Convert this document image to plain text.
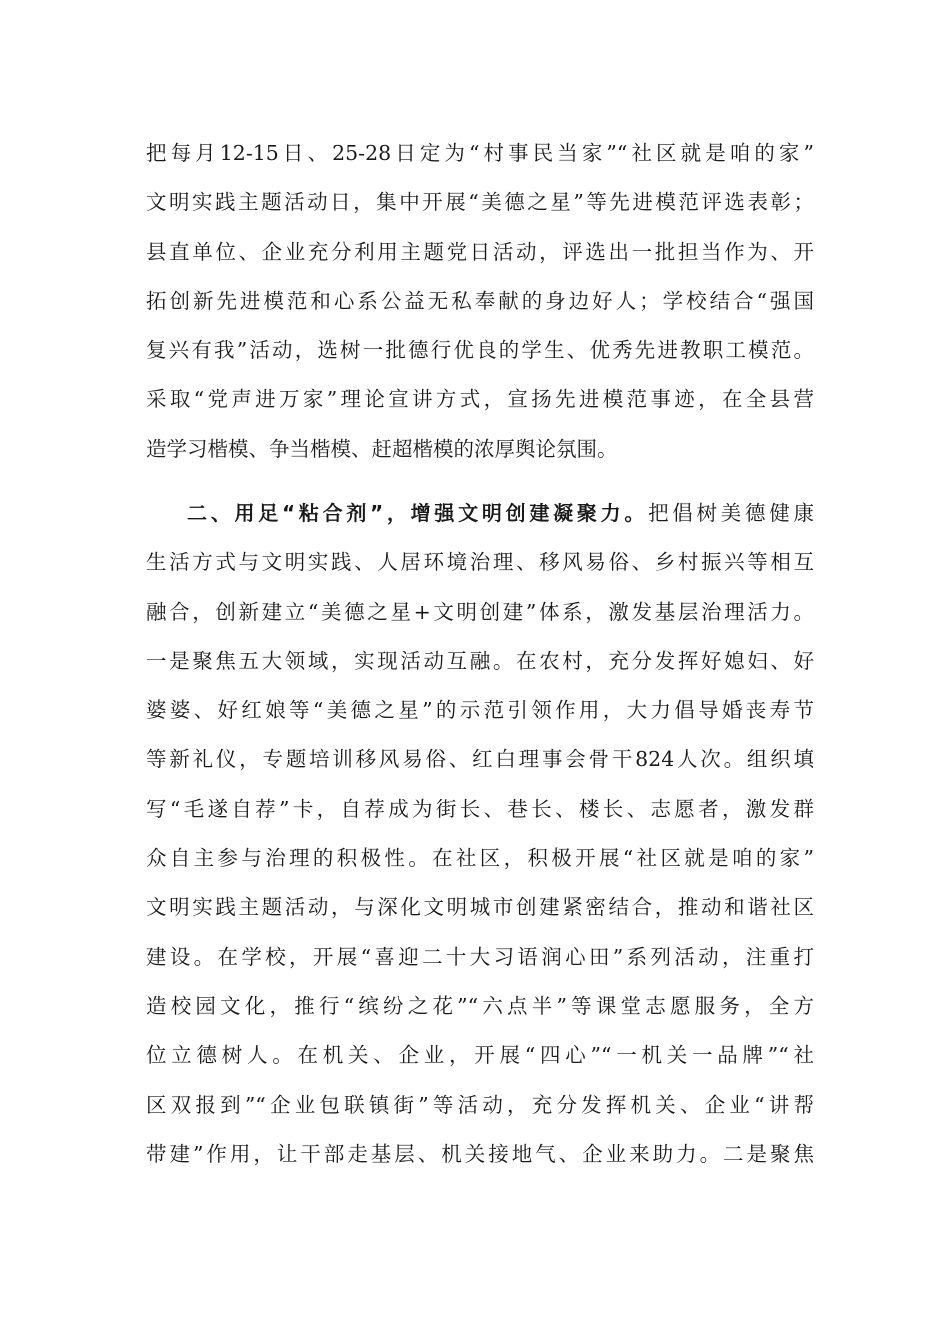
把每月12-15日、25-28日定为“村事民当家”“社区就是咱的家”
文明实践主题活动日，集中开展“美德之星”等先进模范评选表彰；
县直单位、企业充分利用主题党日活动，评选出一批担当作为、开
拓创新先进模范和心系公益无私奉献的身边好人；学校结合“强国
复兴有我”活动，选树一批德行优良的学生、优秀先进教职工模范。
采取“党声进万家”理论宣讲方式，宣扬先进模范事迹，在全县营
造学习楷模、争当楷模、赶超楷模的浓厚舆论氛围。
二、用足“粘合剂”，增强文明创建凝聚力。把倡树美德健康
生活方式与文明实践、人居环境治理、移风易俗、乡村振兴等相互
融合，创新建立“美德之星+文明创建”体系，激发基层治理活力。
一是聚焦五大领域，实现活动互融。在农村，充分发挥好媳妇、好
婆婆、好红娘等“美德之星”的示范引领作用，大力倡导婚丧寿节
等新礼仪，专题培训移风易俗、红白理事会骨干824人次。组织填
写“毛遂自荐”卡，自荐成为街长、巷长、楼长、志愿者，激发群
众自主参与治理的积极性。在社区，积极开展“社区就是咱的家”
文明实践主题活动，与深化文明城市创建紧密结合，推动和谐社区
建设。在学校，开展“喜迎二十大习语润心田”系列活动，注重打
造校园文化，推行“缤纷之花”“六点半”等课堂志愿服务，全方
位立德树人。在机关、企业，开展“四心”“一机关一品牌”“社
区双报到”“企业包联镇街”等活动，充分发挥机关、企业“讲帮
带建”作用，让干部走基层、机关接地气、企业来助力。二是聚焦
